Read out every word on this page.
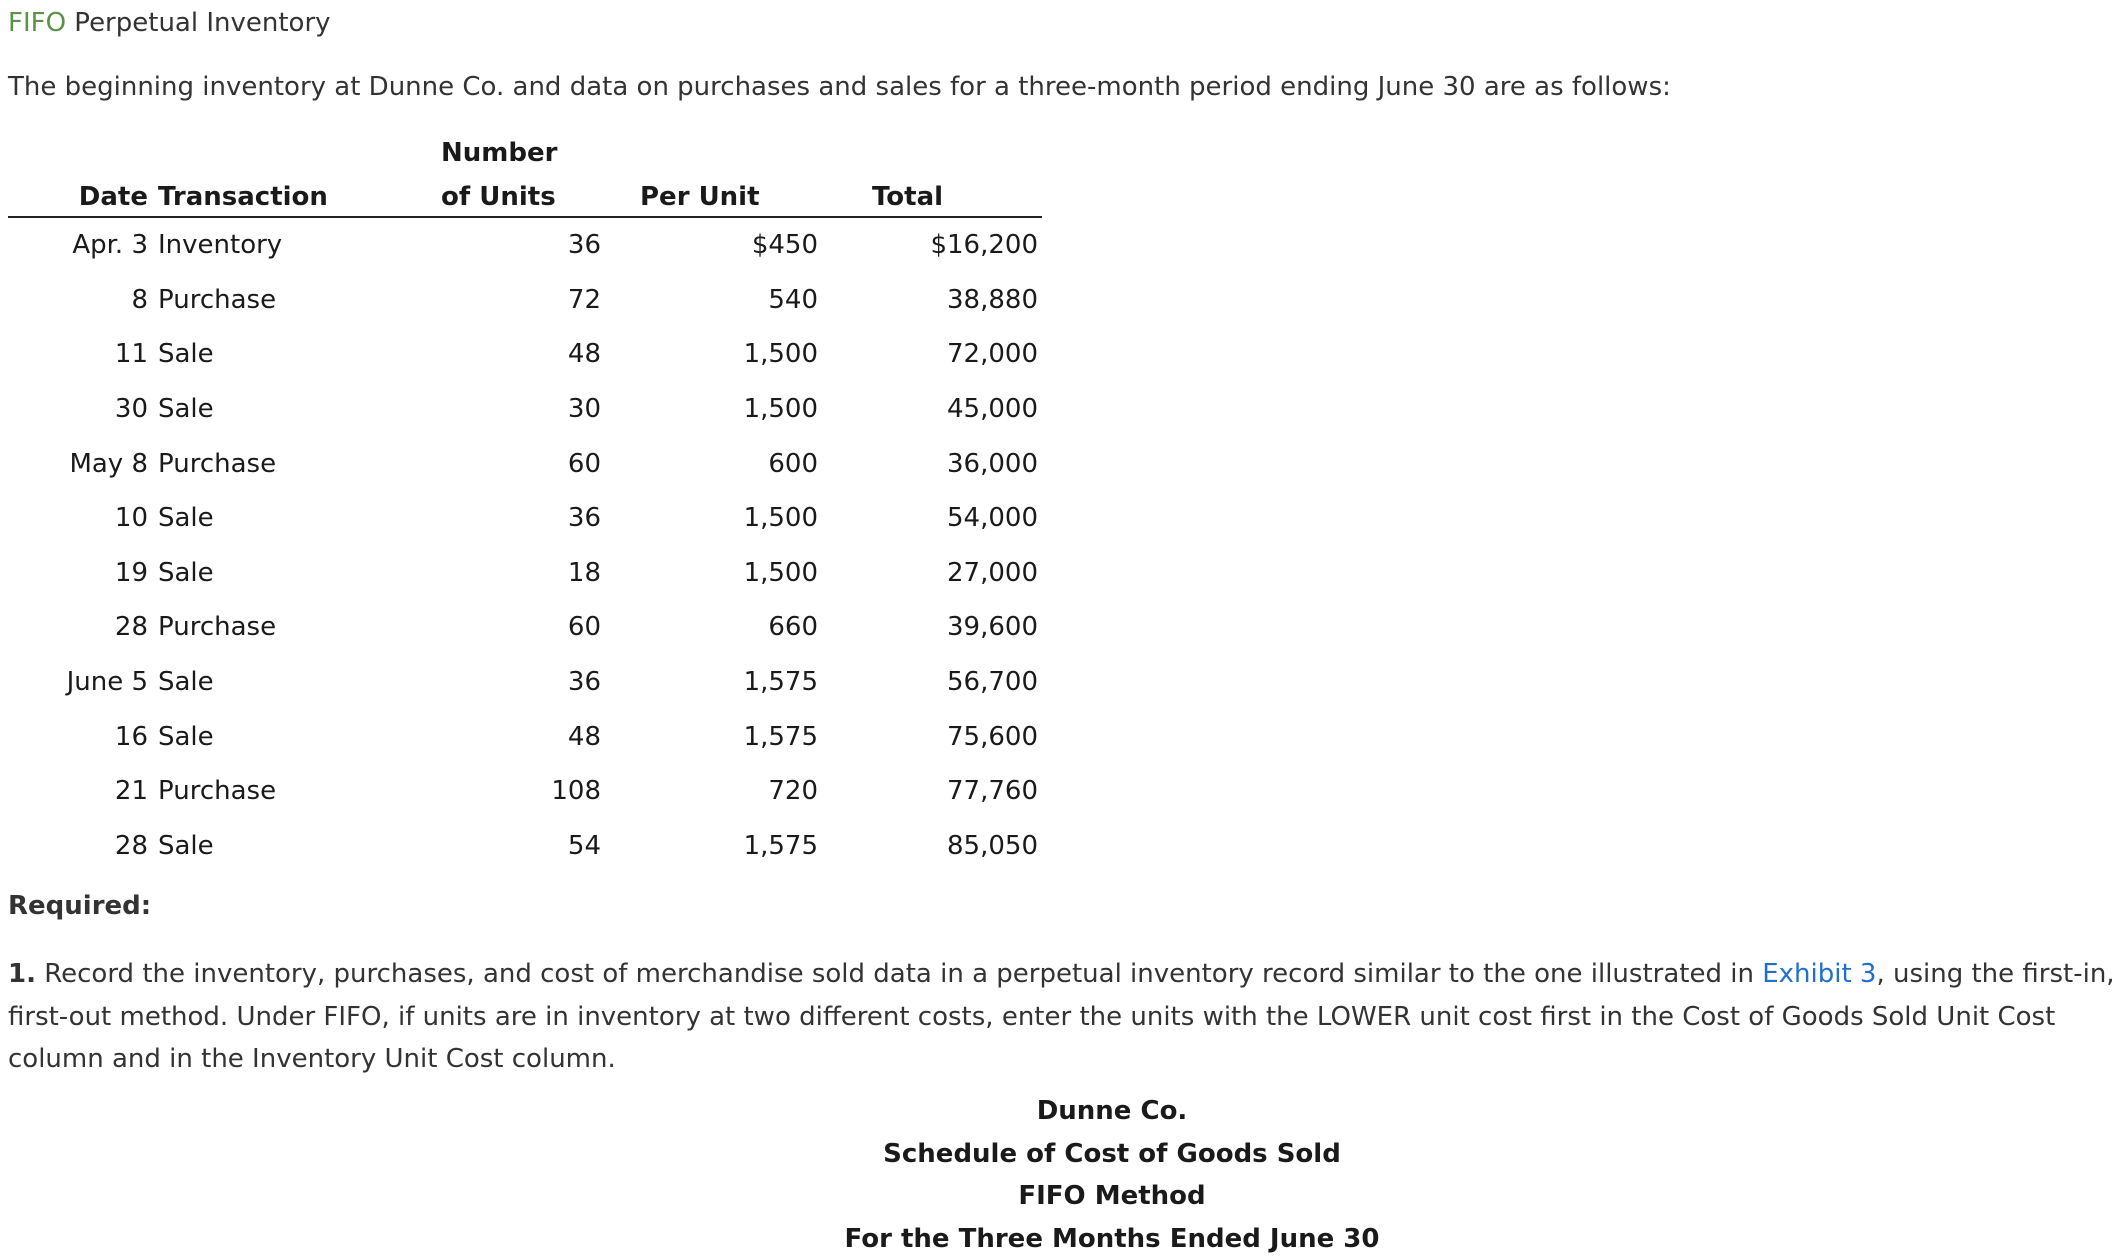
FIFO Perpetual Inventory
The beginning inventory at Dunne Co. and data on purchases and sales for a three-month period ending June 30 are as follows:
		Number		
Date	Transaction	of Units	Per Unit	Total
Apr. 3	Inventory	36	$450	$16,200
8	Purchase	72	540	38,880
11	Sale	48	1,500	72,000
30	Sale	30	1,500	45,000
May 8	Purchase	60	600	36,000
10	Sale	36	1,500	54,000
19	Sale	18	1,500	27,000
28	Purchase	60	660	39,600
June 5	Sale	36	1,575	56,700
16	Sale	48	1,575	75,600
21	Purchase	108	720	77,760
28	Sale	54	1,575	85,050
Required:
1. Record the inventory, purchases, and cost of merchandise sold data in a perpetual inventory record similar to the one illustrated in Exhibit 3, using the first-in, first-out method. Under FIFO, if units are in inventory at two different costs, enter the units with the LOWER unit cost first in the Cost of Goods Sold Unit Cost column and in the Inventory Unit Cost column.
Dunne Co.
Schedule of Cost of Goods Sold
FIFO Method
For the Three Months Ended June 30
